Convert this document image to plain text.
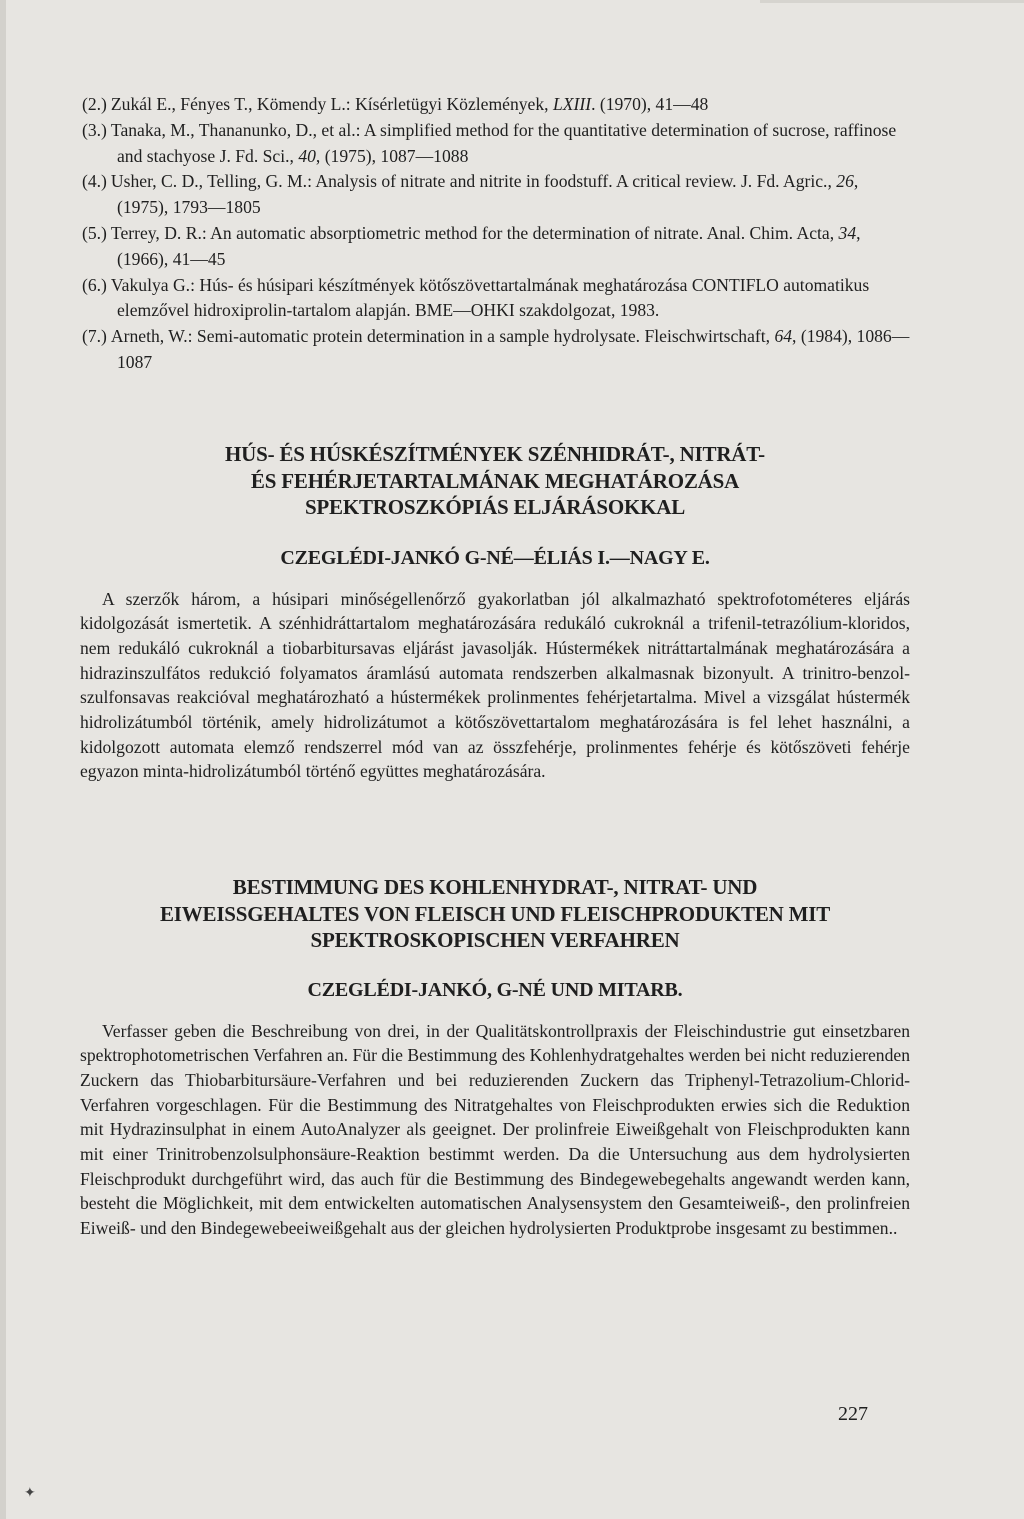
(2.) Zukál E., Fényes T., Kömendy L.: Kísérletügyi Közlemények, LXIII. (1970), 41—48
(3.) Tanaka, M., Thananunko, D., et al.: A simplified method for the quantitative determination of sucrose, raffinose and stachyose J. Fd. Sci., 40, (1975), 1087—1088
(4.) Usher, C. D., Telling, G. M.: Analysis of nitrate and nitrite in foodstuff. A critical review. J. Fd. Agric., 26, (1975), 1793—1805
(5.) Terrey, D. R.: An automatic absorptiometric method for the determination of nitrate. Anal. Chim. Acta, 34, (1966), 41—45
(6.) Vakulya G.: Hús- és húsipari készítmények kötőszövettartalmának meghatározása CONTIFLO automatikus elemzővel hidroxiprolin-tartalom alapján. BME—OHKI szakdolgozat, 1983.
(7.) Arneth, W.: Semi-automatic protein determination in a sample hydrolysate. Fleischwirtschaft, 64, (1984), 1086—1087
HÚS- ÉS HÚSKÉSZÍTMÉNYEK SZÉNHIDRÁT-, NITRÁT-
ÉS FEHÉRJETARTALMÁNAK MEGHATÁROZÁSA
SPEKTROSZKÓPIÁS ELJÁRÁSOKKAL
CZEGLÉDI-JANKÓ G-NÉ—ÉLIÁS I.—NAGY E.
A szerzők három, a húsipari minőségellenőrző gyakorlatban jól alkalmazható spektrofotométeres eljárás kidolgozását ismertetik. A szénhidráttartalom meghatározására redukáló cukroknál a trifenil-tetrazólium-kloridos, nem redukáló cukroknál a tiobarbitursavas eljárást javasolják. Hústermékek nitráttartalmának meghatározására a hidrazinszulfátos redukció folyamatos áramlású automata rendszerben alkalmasnak bizonyult. A trinitro-benzol-szulfonsavas reakcióval meghatározható a hústermékek prolinmentes fehérjetartalma. Mivel a vizsgálat hústermék hidrolizátumból történik, amely hidrolizátumot a kötőszövettartalom meghatározására is fel lehet használni, a kidolgozott automata elemző rendszerrel mód van az összfehérje, prolinmentes fehérje és kötőszöveti fehérje egyazon minta-hidrolizátumból történő együttes meghatározására.
BESTIMMUNG DES KOHLENHYDRAT-, NITRAT- UND
EIWEISSGEHALTES VON FLEISCH UND FLEISCHPRODUKTEN MIT
SPEKTROSKOPISCHEN VERFAHREN
CZEGLÉDI-JANKÓ, G-NÉ UND MITARB.
Verfasser geben die Beschreibung von drei, in der Qualitätskontrollpraxis der Fleischindustrie gut einsetzbaren spektrophotometrischen Verfahren an. Für die Bestimmung des Kohlenhydratgehaltes werden bei nicht reduzierenden Zuckern das Thiobarbitursäure-Verfahren und bei reduzierenden Zuckern das Triphenyl-Tetrazolium-Chlorid-Verfahren vorgeschlagen. Für die Bestimmung des Nitratgehaltes von Fleischprodukten erwies sich die Reduktion mit Hydrazinsulphat in einem AutoAnalyzer als geeignet. Der prolinfreie Eiweißgehalt von Fleischprodukten kann mit einer Trinitrobenzolsulphonsäure-Reaktion bestimmt werden. Da die Untersuchung aus dem hydrolysierten Fleischprodukt durchgeführt wird, das auch für die Bestimmung des Bindegewebegehalts angewandt werden kann, besteht die Möglichkeit, mit dem entwickelten automatischen Analysensystem den Gesamteiweiß-, den prolinfreien Eiweiß- und den Bindegewebeeiweißgehalt aus der gleichen hydrolysierten Produktprobe insgesamt zu bestimmen..
227
✦
